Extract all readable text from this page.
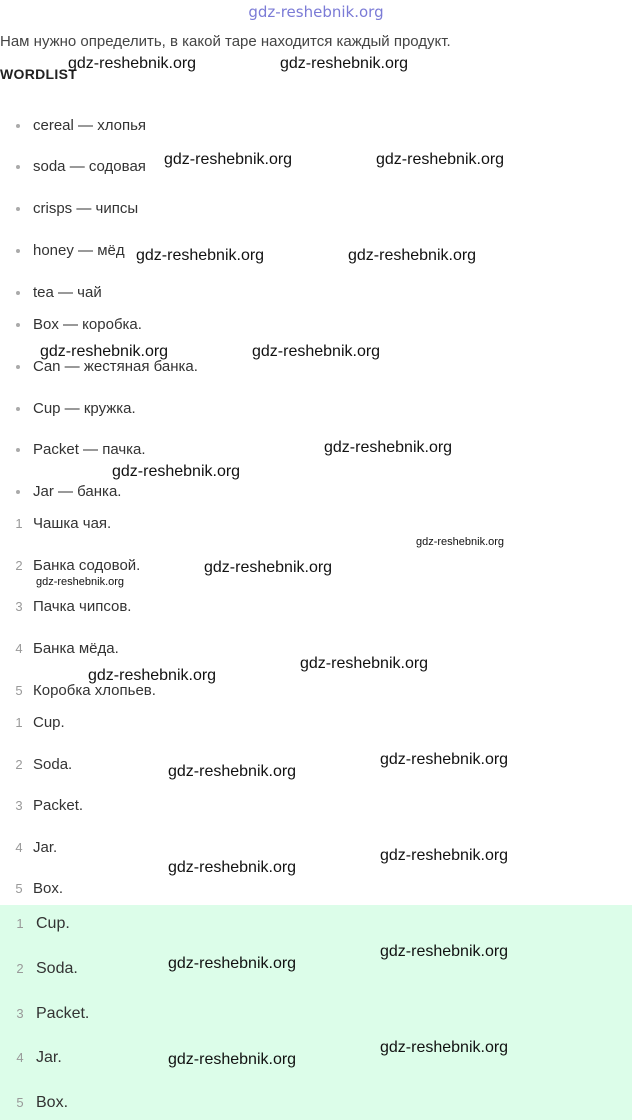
gdz-reshebnik.org
Нам нужно определить, в какой таре находится каждый продукт.
WORDLIST
cereal — хлопья
soda — содовая
crisps — чипсы
honey — мёд
tea — чай
Box — коробка.
Can — жестяная банка.
Cup — кружка.
Packet — пачка.
Jar — банка.
1 Чашка чая.
2 Банка содовой.
3 Пачка чипсов.
4 Банка мёда.
5 Коробка хлопьев.
1 Cup.
2 Soda.
3 Packet.
4 Jar.
5 Box.
1 Cup.
2 Soda.
3 Packet.
4 Jar.
5 Box.
gdz-reshebnik.org	gdz-reshebnik.org
gdz-reshebnik.org	gdz-reshebnik.org
gdz-reshebnik.org	gdz-reshebnik.org
gdz-reshebnik.org	gdz-reshebnik.org
gdz-reshebnik.org
gdz-reshebnik.org
gdz-reshebnik.org
gdz-reshebnik.org
gdz-reshebnik.org
gdz-reshebnik.org
gdz-reshebnik.org
gdz-reshebnik.org
gdz-reshebnik.org
gdz-reshebnik.org
gdz-reshebnik.org
gdz-reshebnik.org
gdz-reshebnik.org
gdz-reshebnik.org
gdz-reshebnik.org
